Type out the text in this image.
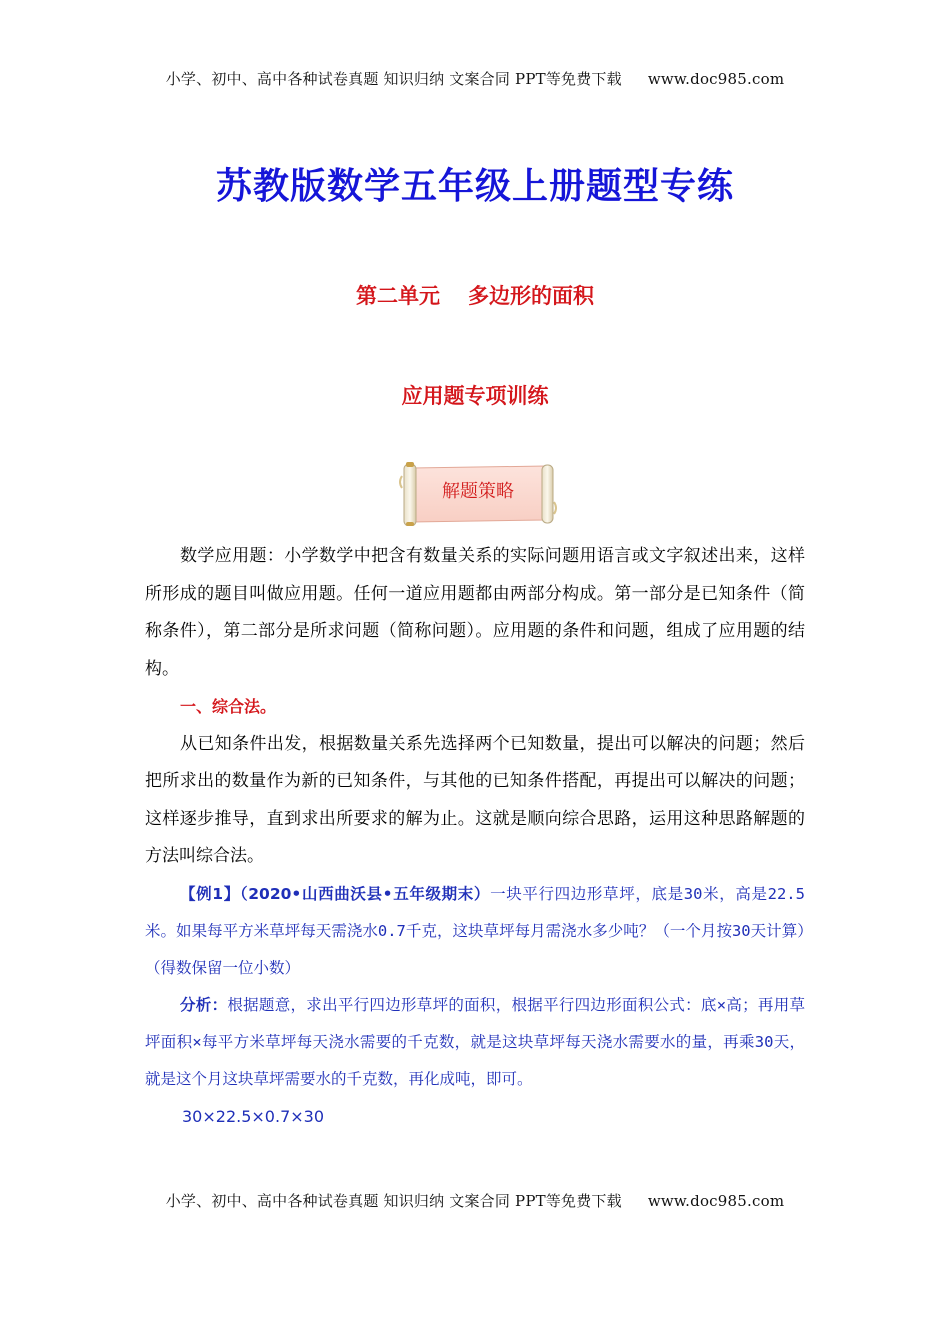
小学、初中、高中各种试卷真题 知识归纳 文案合同 PPT等免费下载 www.doc985.com
苏教版数学五年级上册题型专练
第二单元 多边形的面积
应用题专项训练
解题策略

数学应用题：小学数学中把含有数量关系的实际问题用语言或文字叙述出来，这样所形成的题目叫做应用题。任何一道应用题都由两部分构成。第一部分是已知条件（简称条件），第二部分是所求问题（简称问题）。应用题的条件和问题，组成了应用题的结构。

一、综合法。

从已知条件出发，根据数量关系先选择两个已知数量，提出可以解决的问题；然后把所求出的数量作为新的已知条件，与其他的已知条件搭配，再提出可以解决的问题；这样逐步推导，直到求出所要求的解为止。这就是顺向综合思路，运用这种思路解题的方法叫综合法。

【例1】（2020•山西曲沃县•五年级期末）一块平行四边形草坪，底是30米，高是22.5米。如果每平方米草坪每天需浇水0.7千克，这块草坪每月需浇水多少吨？（一个月按30天计算）（得数保留一位小数）

分析：根据题意，求出平行四边形草坪的面积，根据平行四边形面积公式：底×高；再用草坪面积×每平方米草坪每天浇水需要的千克数，就是这块草坪每天浇水需要水的量，再乘30天，就是这个月这块草坪需要水的千克数，再化成吨，即可。

30×22.5×0.7×30
小学、初中、高中各种试卷真题 知识归纳 文案合同 PPT等免费下载 www.doc985.com
